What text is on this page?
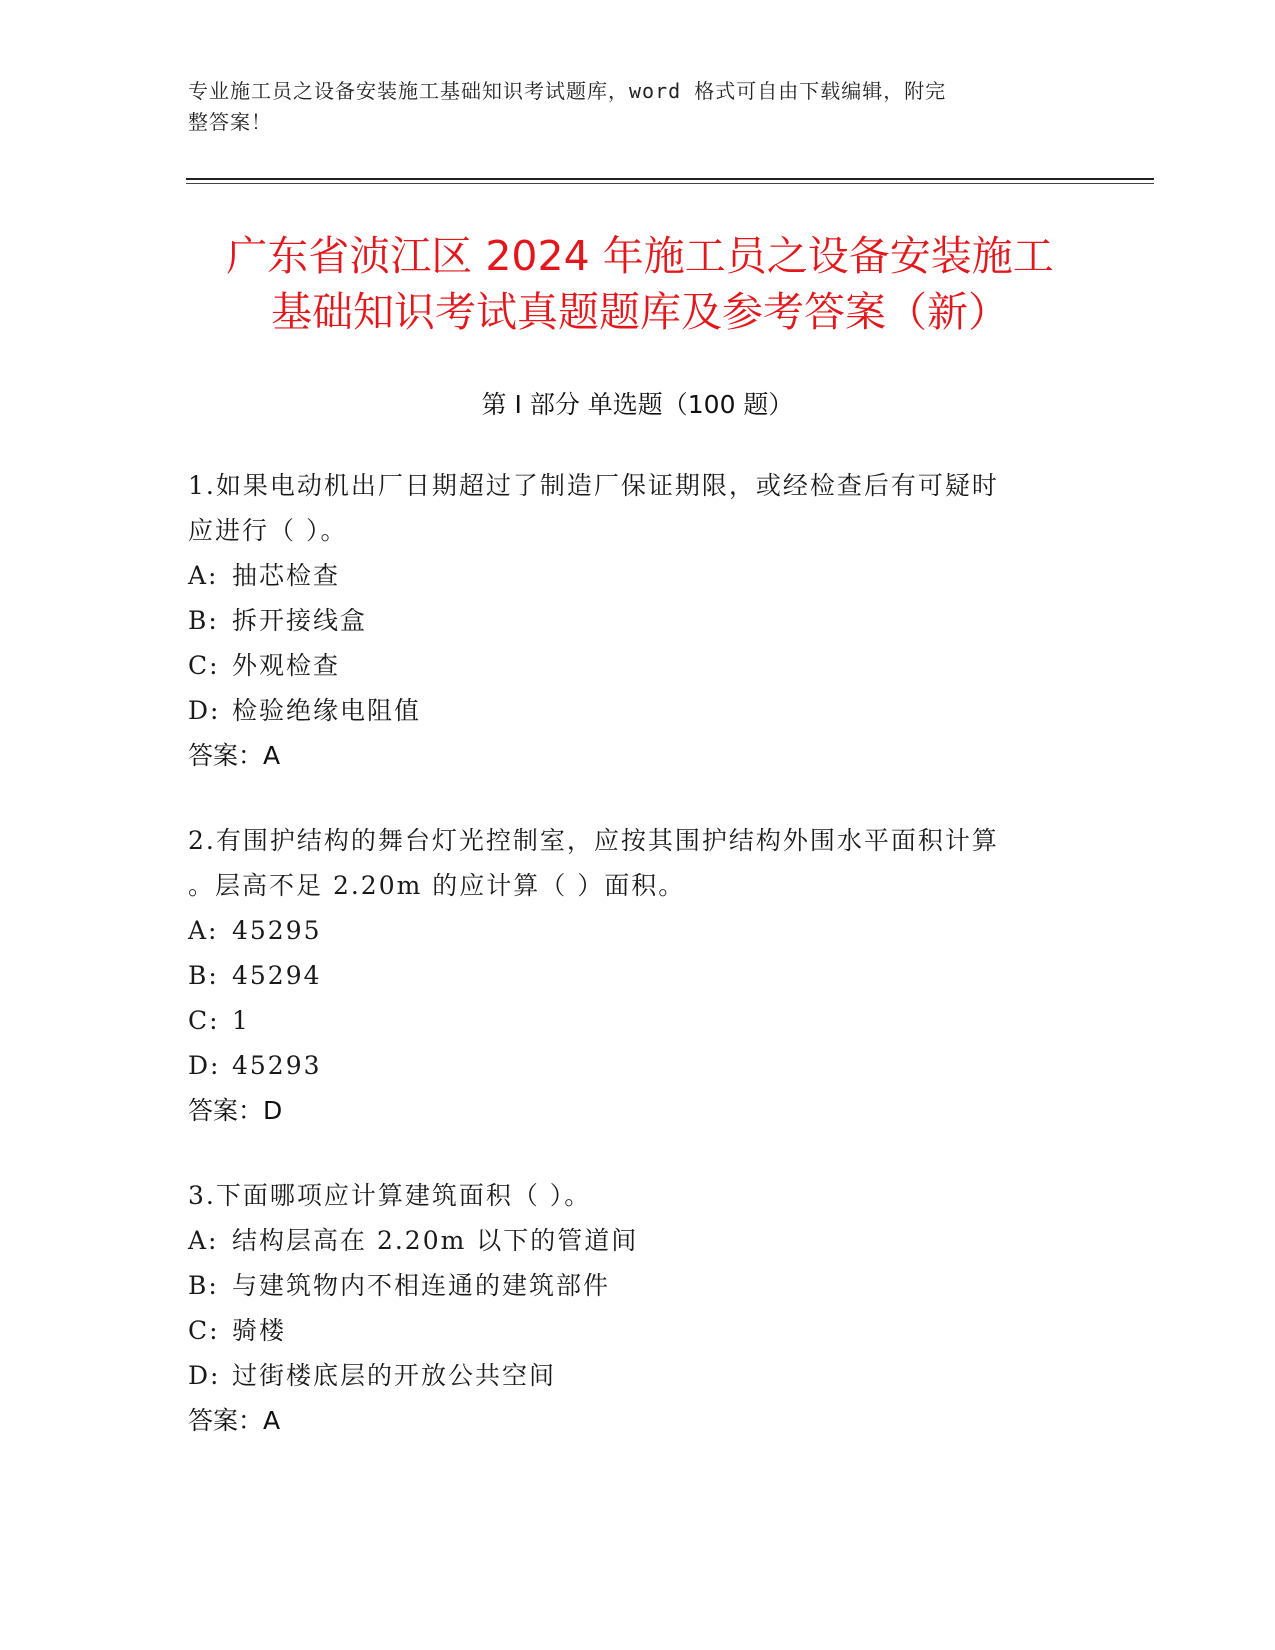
专业施工员之设备安装施工基础知识考试题库，word 格式可自由下载编辑，附完
整答案！
广东省浈江区 2024 年施工员之设备安装施工
基础知识考试真题题库及参考答案（新）
第 I 部分 单选题（100 题）
1.如果电动机出厂日期超过了制造厂保证期限，或经检查后有可疑时
应进行（ ）。
A: 抽芯检查
B: 拆开接线盒
C: 外观检查
D: 检验绝缘电阻值
答案：A
2.有围护结构的舞台灯光控制室，应按其围护结构外围水平面积计算
。层高不足 2.20m 的应计算（ ）面积。
A: 45295
B: 45294
C: 1
D: 45293
答案：D
3.下面哪项应计算建筑面积（ ）。
A: 结构层高在 2.20m 以下的管道间
B: 与建筑物内不相连通的建筑部件
C: 骑楼
D: 过街楼底层的开放公共空间
答案：A
